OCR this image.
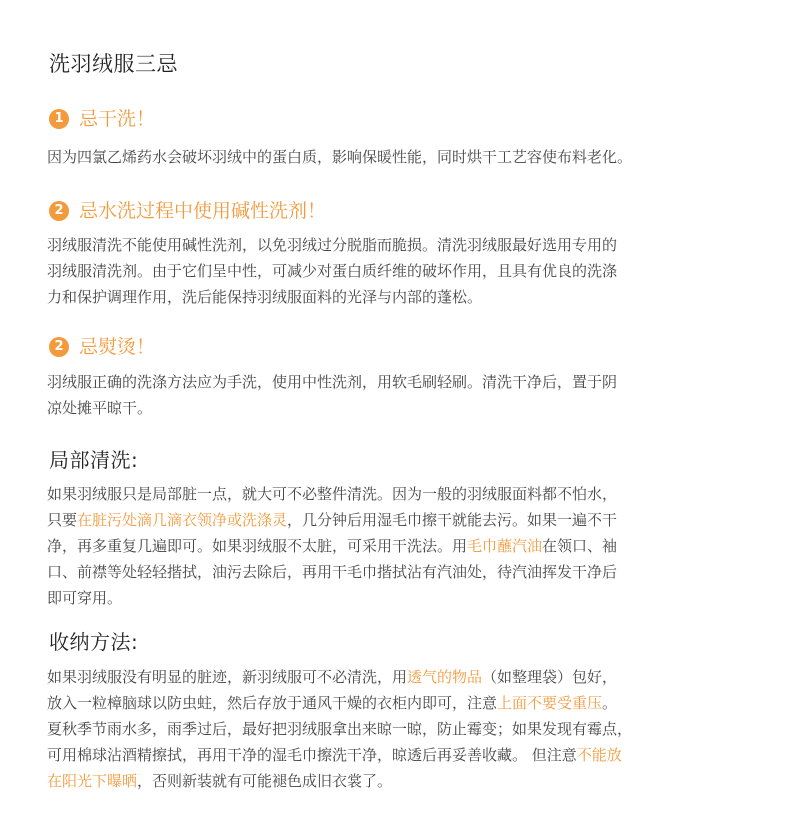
洗羽绒服三忌
1 忌干洗！
因为四氯乙烯药水会破坏羽绒中的蛋白质，影响保暖性能，同时烘干工艺容使布料老化。
2 忌水洗过程中使用碱性洗剂！
羽绒服清洗不能使用碱性洗剂，以免羽绒过分脱脂而脆损。清洗羽绒服最好选用专用的
羽绒服清洗剂。由于它们呈中性，可减少对蛋白质纤维的破坏作用，且具有优良的洗涤
力和保护调理作用，洗后能保持羽绒服面料的光泽与内部的蓬松。
2 忌熨烫！
羽绒服正确的洗涤方法应为手洗，使用中性洗剂，用软毛刷轻刷。清洗干净后，置于阴
凉处摊平晾干。
局部清洗:
如果羽绒服只是局部脏一点，就大可不必整件清洗。因为一般的羽绒服面料都不怕水，
只要在脏污处滴几滴衣领净或洗涤灵，几分钟后用湿毛巾擦干就能去污。如果一遍不干
净，再多重复几遍即可。如果羽绒服不太脏，可采用干洗法。用毛巾蘸汽油在领口、袖
口、前襟等处轻轻揩拭，油污去除后，再用干毛巾揩拭沾有汽油处，待汽油挥发干净后
即可穿用。
收纳方法:
如果羽绒服没有明显的脏迹，新羽绒服可不必清洗，用透气的物品（如整理袋）包好，
放入一粒樟脑球以防虫蛀，然后存放于通风干燥的衣柜内即可，注意上面不要受重压。
夏秋季节雨水多，雨季过后，最好把羽绒服拿出来晾一晾，防止霉变；如果发现有霉点，
可用棉球沾酒精擦拭，再用干净的湿毛巾擦洗干净，晾透后再妥善收藏。 但注意不能放
在阳光下曝晒，否则新装就有可能褪色成旧衣裳了。
